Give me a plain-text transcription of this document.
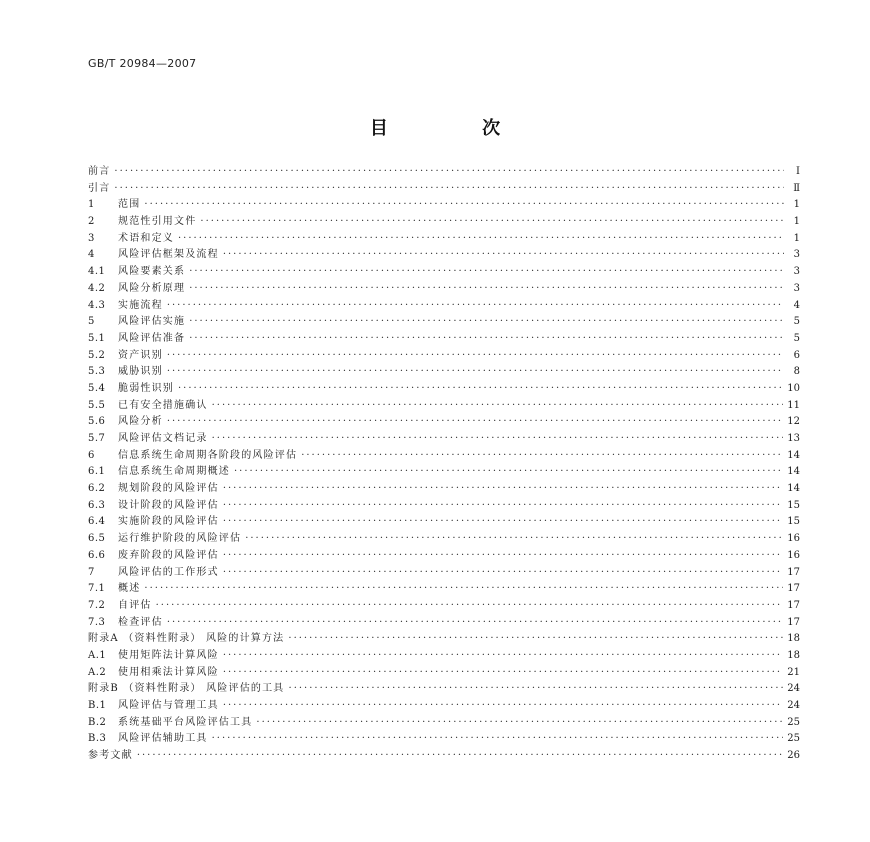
GB/T 20984—2007
目 次
前言 ·····	Ⅰ
引言 ·····	Ⅱ
1	范围 ·····	1
2	规范性引用文件 ·····	1
3	术语和定义 ·····	1
4	风险评估框架及流程 ·····	3
4.1	风险要素关系 ·····	3
4.2	风险分析原理 ·····	3
4.3	实施流程 ·····	4
5	风险评估实施 ·····	5
5.1	风险评估准备 ·····	5
5.2	资产识别 ·····	6
5.3	威胁识别 ·····	8
5.4	脆弱性识别 ·····	10
5.5	已有安全措施确认 ·····	11
5.6	风险分析 ·····	12
5.7	风险评估文档记录 ·····	13
6	信息系统生命周期各阶段的风险评估 ·····	14
6.1	信息系统生命周期概述 ·····	14
6.2	规划阶段的风险评估 ·····	14
6.3	设计阶段的风险评估 ·····	15
6.4	实施阶段的风险评估 ·····	15
6.5	运行维护阶段的风险评估 ·····	16
6.6	废弃阶段的风险评估 ·····	16
7	风险评估的工作形式 ·····	17
7.1	概述 ·····	17
7.2	自评估 ·····	17
7.3	检查评估 ·····	17
附录A （资料性附录） 风险的计算方法 ·····	18
A.1	使用矩阵法计算风险 ·····	18
A.2	使用相乘法计算风险 ·····	21
附录B （资料性附录） 风险评估的工具 ·····	24
B.1	风险评估与管理工具 ·····	24
B.2	系统基础平台风险评估工具 ·····	25
B.3	风险评估辅助工具 ·····	25
参考文献 ·····	26
